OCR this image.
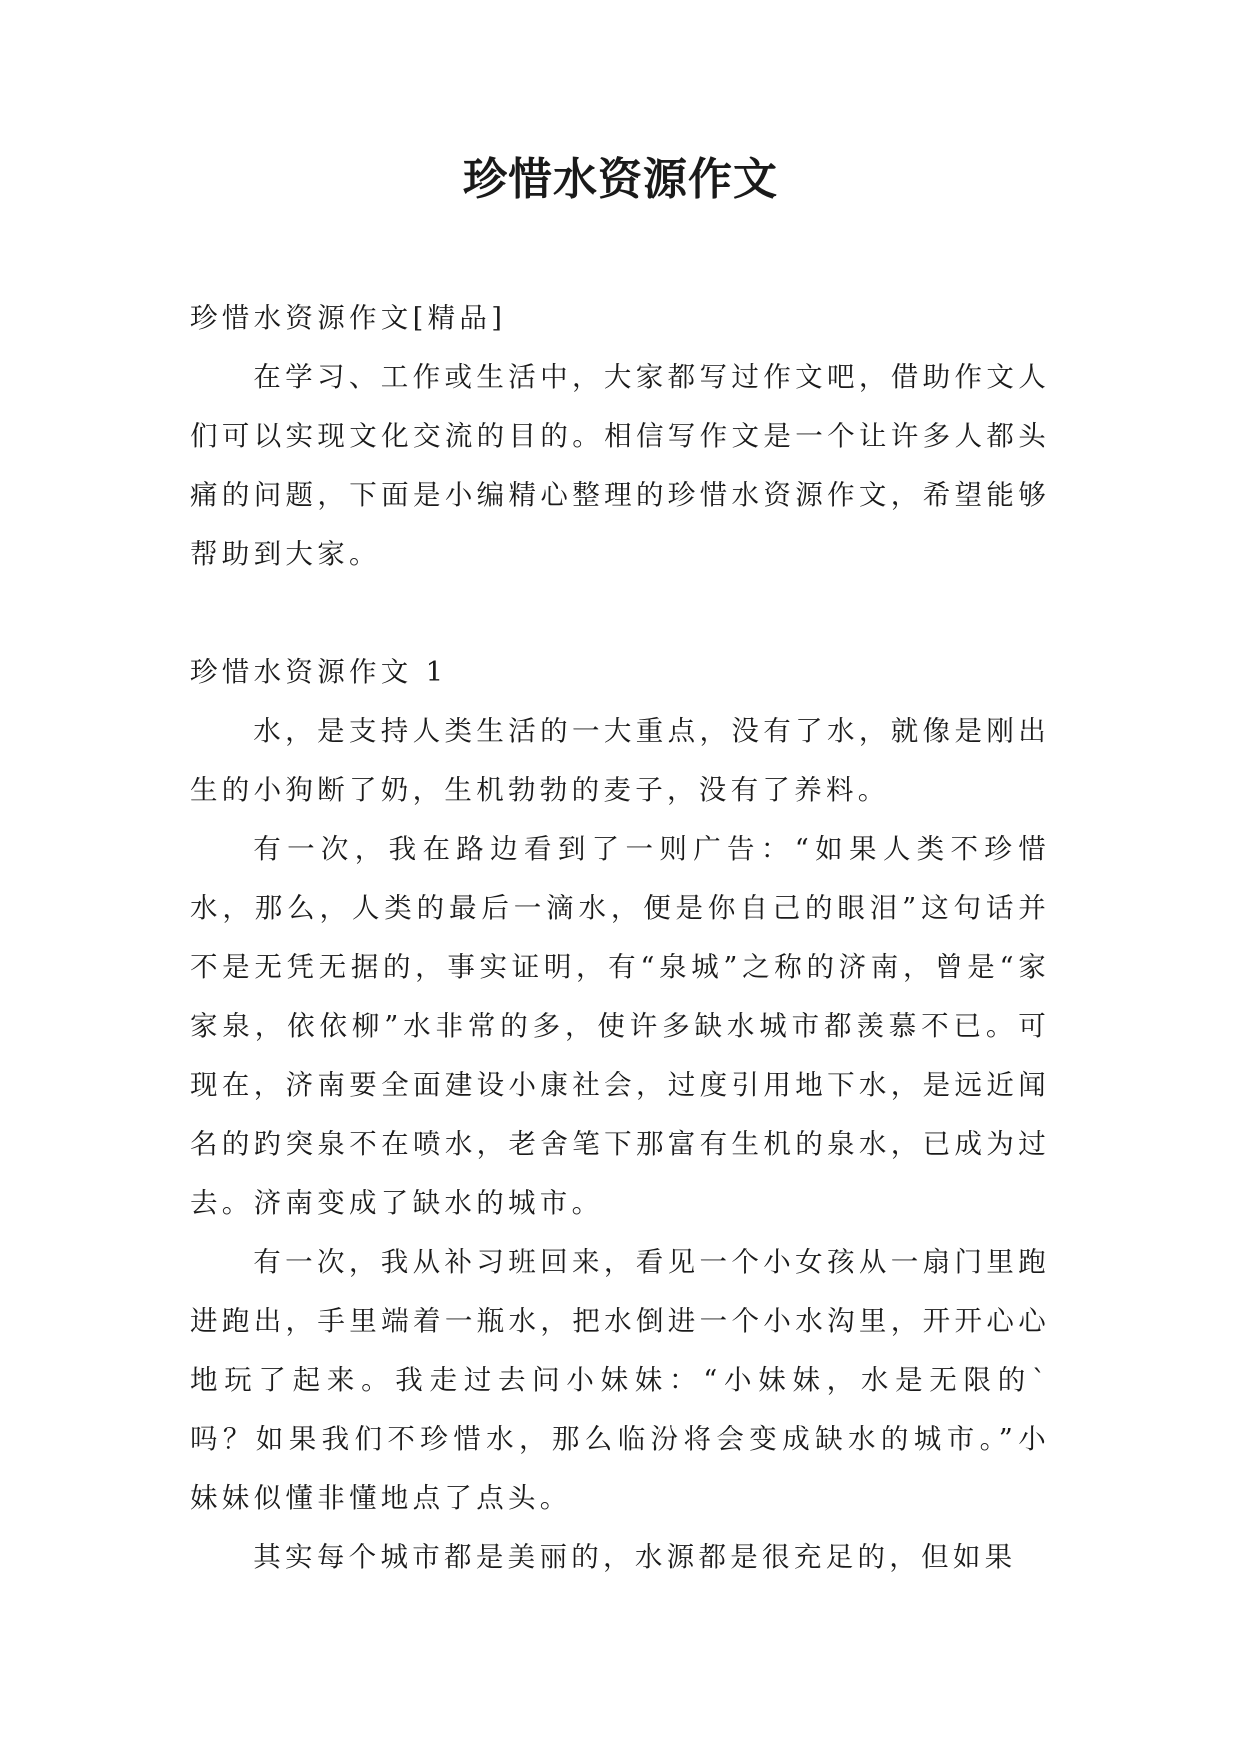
珍惜水资源作文

珍惜水资源作文[精品]

在学习、工作或生活中，大家都写过作文吧，借助作文人们可以实现文化交流的目的。相信写作文是一个让许多人都头痛的问题，下面是小编精心整理的珍惜水资源作文，希望能够帮助到大家。

珍惜水资源作文 1

水，是支持人类生活的一大重点，没有了水，就像是刚出生的小狗断了奶，生机勃勃的麦子，没有了养料。

有一次，我在路边看到了一则广告：“如果人类不珍惜水，那么，人类的最后一滴水，便是你自己的眼泪”这句话并不是无凭无据的，事实证明，有“泉城”之称的济南，曾是“家家泉，依依柳”水非常的多，使许多缺水城市都羡慕不已。可现在，济南要全面建设小康社会，过度引用地下水，是远近闻名的趵突泉不在喷水，老舍笔下那富有生机的泉水，已成为过去。济南变成了缺水的城市。

有一次，我从补习班回来，看见一个小女孩从一扇门里跑进跑出，手里端着一瓶水，把水倒进一个小水沟里，开开心心地玩了起来。我走过去问小妹妹：“小妹妹，水是无限的`吗？如果我们不珍惜水，那么临汾将会变成缺水的城市。”小妹妹似懂非懂地点了点头。

其实每个城市都是美丽的，水源都是很充足的，但如果
